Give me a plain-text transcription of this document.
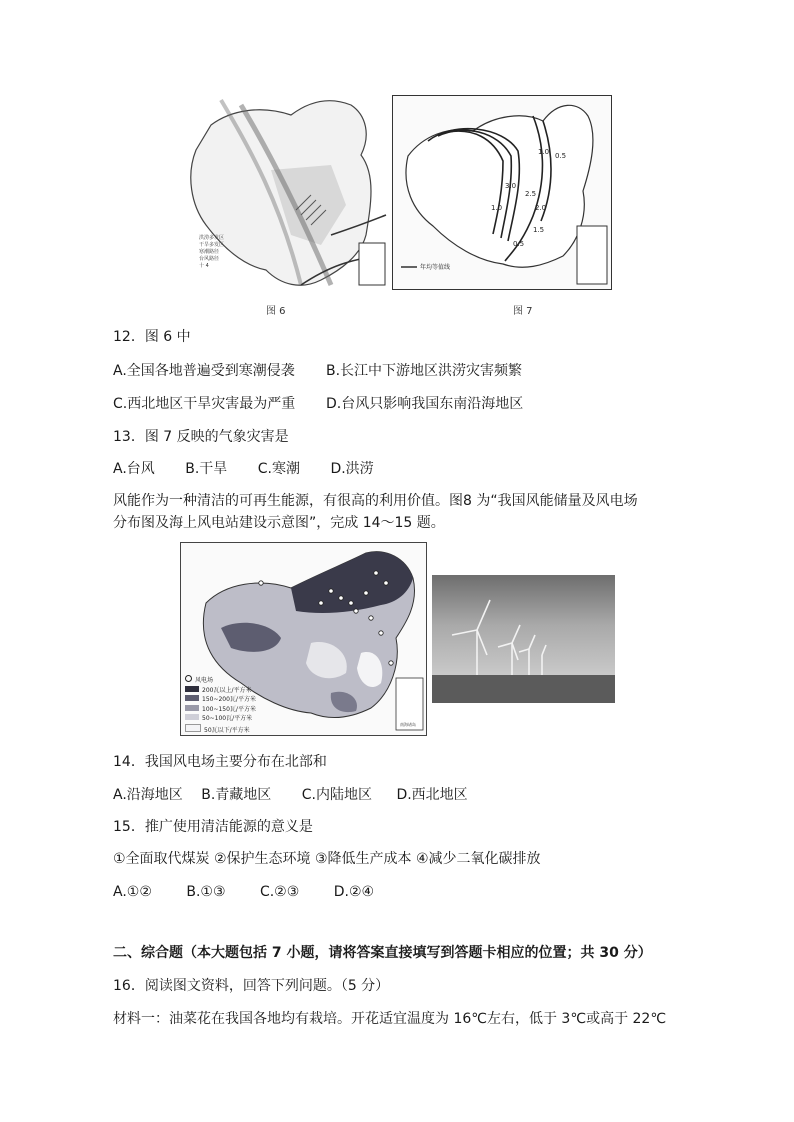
洪涝多发区
干旱多发区
寒潮路径
台风路径
十 4
图 6
1.0 0.5
3.0
2.5
2.0
1.5
1.0
0.5
年均等值线
图 7
12．图 6 中
A.全国各地普遍受到寒潮侵袭 B.长江中下游地区洪涝灾害频繁
C.西北地区干旱灾害最为严重 D.台风只影响我国东南沿海地区
13．图 7 反映的气象灾害是
A.台风 B.干旱 C.寒潮 D.洪涝
风能作为一种清洁的可再生能源，有很高的利用价值。图8 为“我国风能储量及风电场
分布图及海上风电站建设示意图”，完成 14～15 题。
南海诸岛
风电场
200瓦以上/平方米
150~200瓦/平方米
100~150瓦/平方米
50~100瓦/平方米
50瓦以下/平方米
14．我国风电场主要分布在北部和
A.沿海地区 B.青藏地区 C.内陆地区 D.西北地区
15．推广使用清洁能源的意义是
①全面取代煤炭 ②保护生态环境 ③降低生产成本 ④减少二氧化碳排放
A.①② B.①③ C.②③ D.②④
二、综合题（本大题包括 7 小题，请将答案直接填写到答题卡相应的位置；共 30 分）
16．阅读图文资料，回答下列问题。（5 分）
材料一：油菜花在我国各地均有栽培。开花适宜温度为 16℃左右，低于 3℃或高于 22℃
